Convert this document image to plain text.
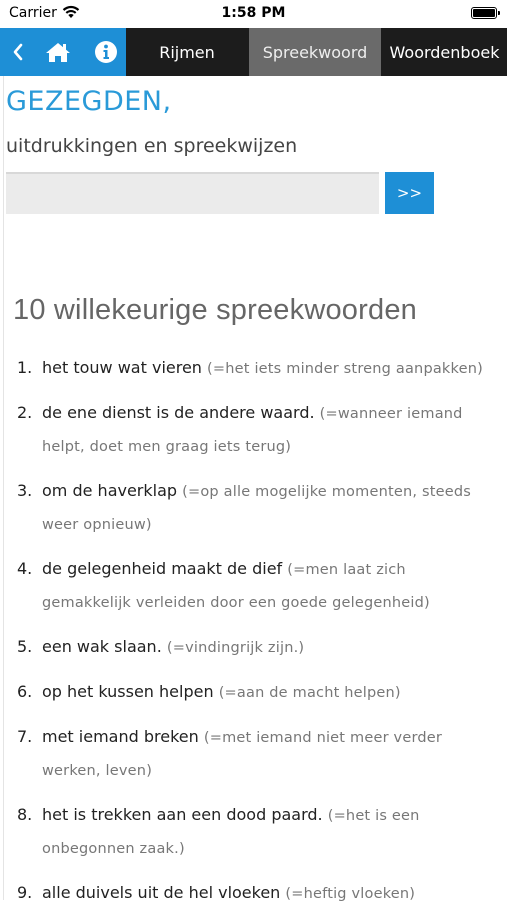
Carrier	1:58 PM
Rijmen	Spreekwoord	Woordenboek
GEZEGDEN,
uitdrukkingen en spreekwijzen
>>
10 willekeurige spreekwoorden
1. het touw wat vieren (=het iets minder streng aanpakken)
2. de ene dienst is de andere waard. (=wanneer iemand helpt, doet men graag iets terug)
3. om de haverklap (=op alle mogelijke momenten, steeds weer opnieuw)
4. de gelegenheid maakt de dief (=men laat zich gemakkelijk verleiden door een goede gelegenheid)
5. een wak slaan. (=vindingrijk zijn.)
6. op het kussen helpen (=aan de macht helpen)
7. met iemand breken (=met iemand niet meer verder werken, leven)
8. het is trekken aan een dood paard. (=het is een onbegonnen zaak.)
9. alle duivels uit de hel vloeken (=heftig vloeken)
